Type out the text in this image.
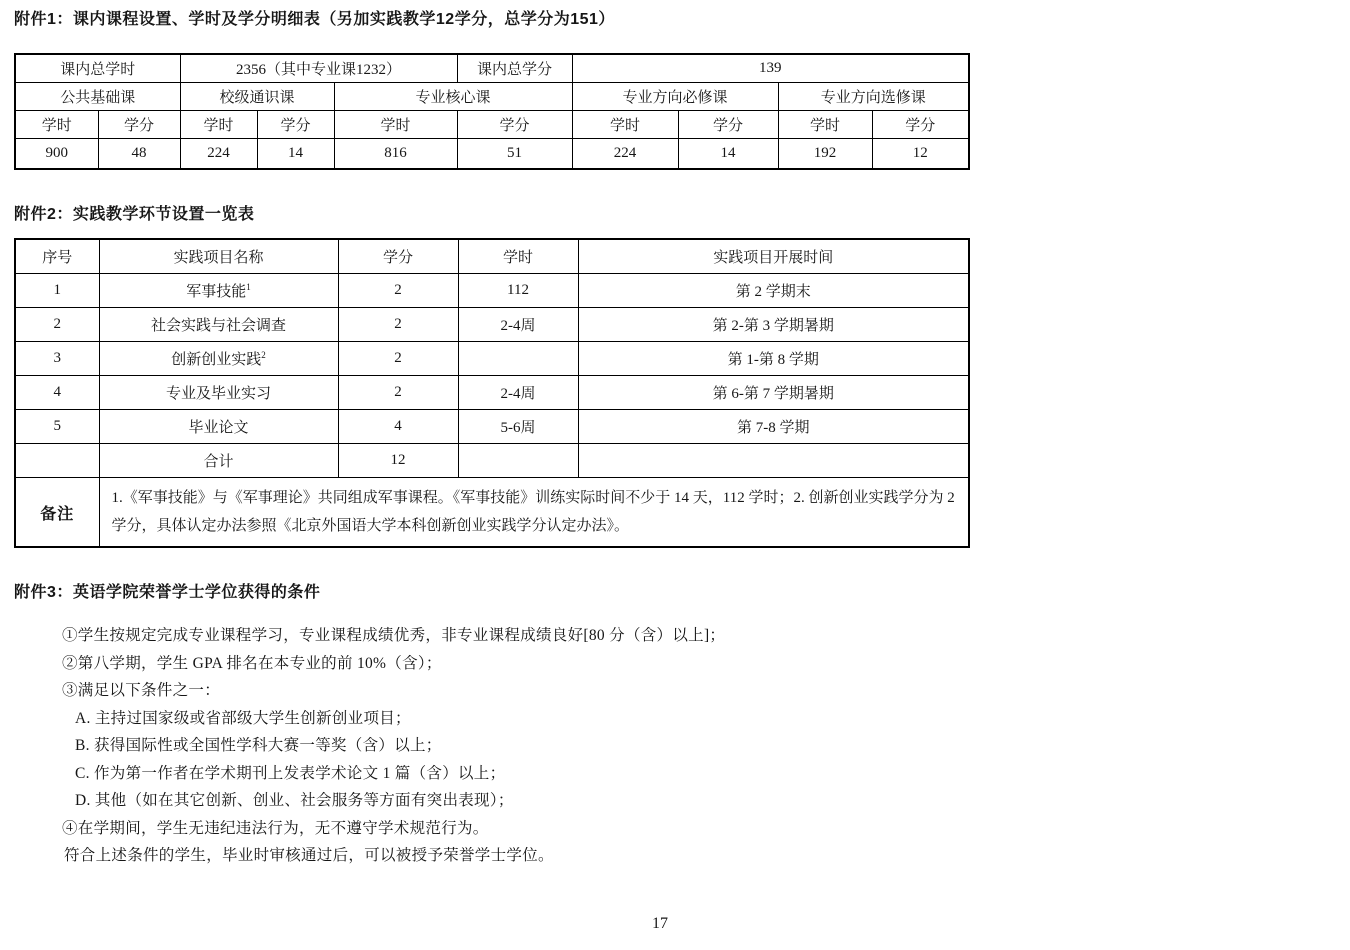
附件1：课内课程设置、学时及学分明细表（另加实践教学12学分，总学分为151）
课内总学时		2356（其中专业课1232）			课内总学分	139			
公共基础课		校级通识课		专业核心课		专业方向必修课		专业方向选修课	
学时	学分	学时	学分	学时	学分	学时	学分	学时	学分
900	48	224	14	816	51	224	14	192	12
附件2：实践教学环节设置一览表
序号	实践项目名称	学分	学时	实践项目开展时间
1	军事技能$^1$	2	112	第 2 学期末
2	社会实践与社会调查	2	2-4周	第 2-第 3 学期暑期
3	创新创业实践$^2$	2		第 1-第 8 学期
4	专业及毕业实习	2	2-4周	第 6-第 7 学期暑期
5	毕业论文	4	5-6周	第 7-8 学期
	合计	12		
备注	1.《军事技能》与《军事理论》共同组成军事课程。《军事技能》训练实际时间不少于 14 天，112 学时；2. 创新创业实践学分为 2 学分，具体认定办法参照《北京外国语大学本科创新创业实践学分认定办法》。			
附件3：英语学院荣誉学士学位获得的条件
①学生按规定完成专业课程学习，专业课程成绩优秀，非专业课程成绩良好[80 分（含）以上]；
②第八学期，学生 GPA 排名在本专业的前 10%（含）；
③满足以下条件之一：
A. 主持过国家级或省部级大学生创新创业项目；
B. 获得国际性或全国性学科大赛一等奖（含）以上；
C. 作为第一作者在学术期刊上发表学术论文 1 篇（含）以上；
D. 其他（如在其它创新、创业、社会服务等方面有突出表现）；
④在学期间，学生无违纪违法行为，无不遵守学术规范行为。
符合上述条件的学生，毕业时审核通过后，可以被授予荣誉学士学位。
17
